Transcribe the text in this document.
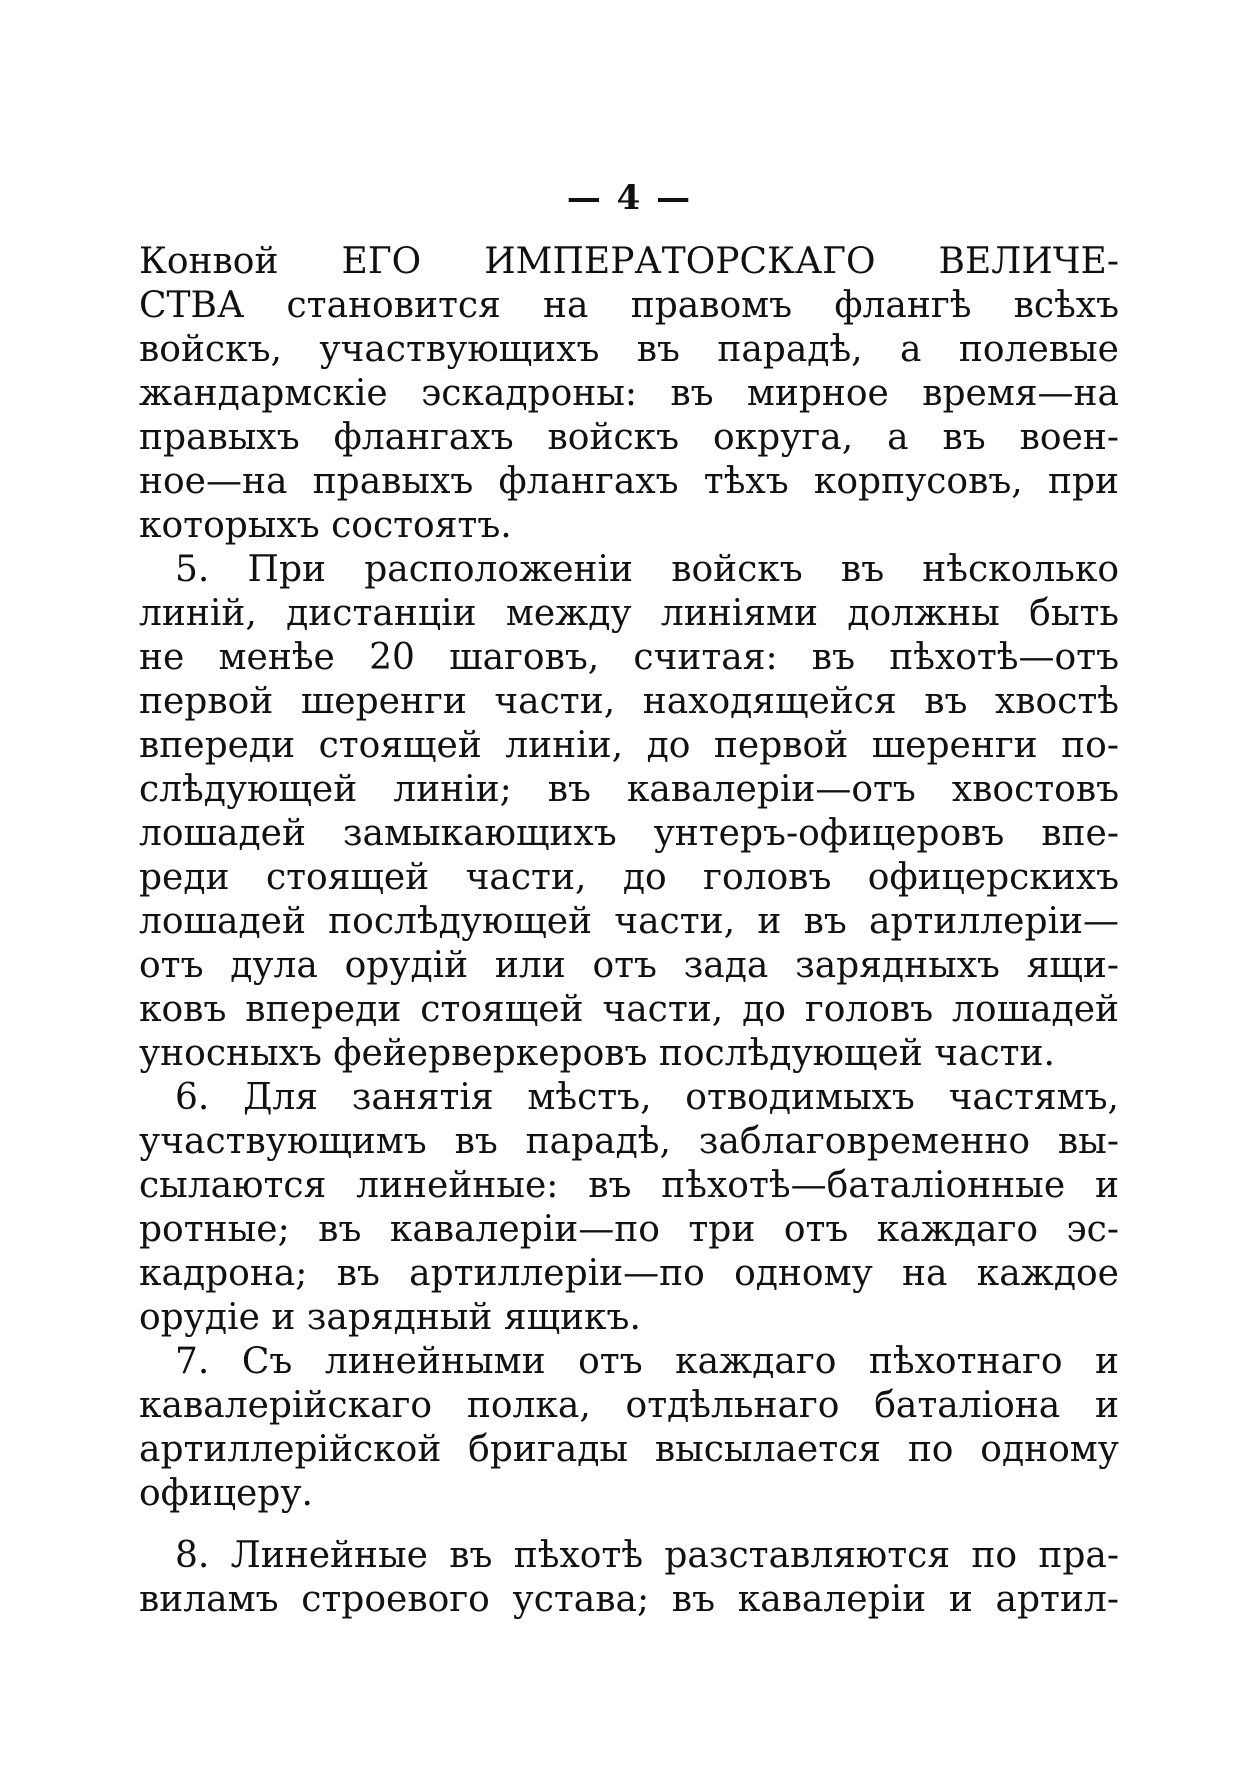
— 4 —
Конвой ЕГО ИМПЕРАТОРСКАГО ВЕЛИЧЕ-
СТВА становится на правомъ флангѣ всѣхъ
войскъ, участвующихъ въ парадѣ, а полевые
жандармскіе эскадроны: въ мирное время—на
правыхъ флангахъ войскъ округа, а въ воен-
ное—на правыхъ флангахъ тѣхъ корпусовъ, при
которыхъ состоятъ.
5. При расположеніи войскъ въ нѣсколько
линій, дистанціи между линіями должны быть
не менѣе 20 шаговъ, считая: въ пѣхотѣ—отъ
первой шеренги части, находящейся въ хвостѣ
впереди стоящей линіи, до первой шеренги по-
слѣдующей линіи; въ кавалеріи—отъ хвостовъ
лошадей замыкающихъ унтеръ-офицеровъ впе-
реди стоящей части, до головъ офицерскихъ
лошадей послѣдующей части, и въ артиллеріи—
отъ дула орудій или отъ зада зарядныхъ ящи-
ковъ впереди стоящей части, до головъ лошадей
уносныхъ фейерверкеровъ послѣдующей части.
6. Для занятія мѣстъ, отводимыхъ частямъ,
участвующимъ въ парадѣ, заблаговременно вы-
сылаются линейные: въ пѣхотѣ—баталіонные и
ротные; въ кавалеріи—по три отъ каждаго эс-
кадрона; въ артиллеріи—по одному на каждое
орудіе и зарядный ящикъ.
7. Съ линейными отъ каждаго пѣхотнаго и
кавалерійскаго полка, отдѣльнаго баталіона и
артиллерійской бригады высылается по одному
офицеру.
8. Линейные въ пѣхотѣ разставляются по пра-
виламъ строевого устава; въ кавалеріи и артил-
